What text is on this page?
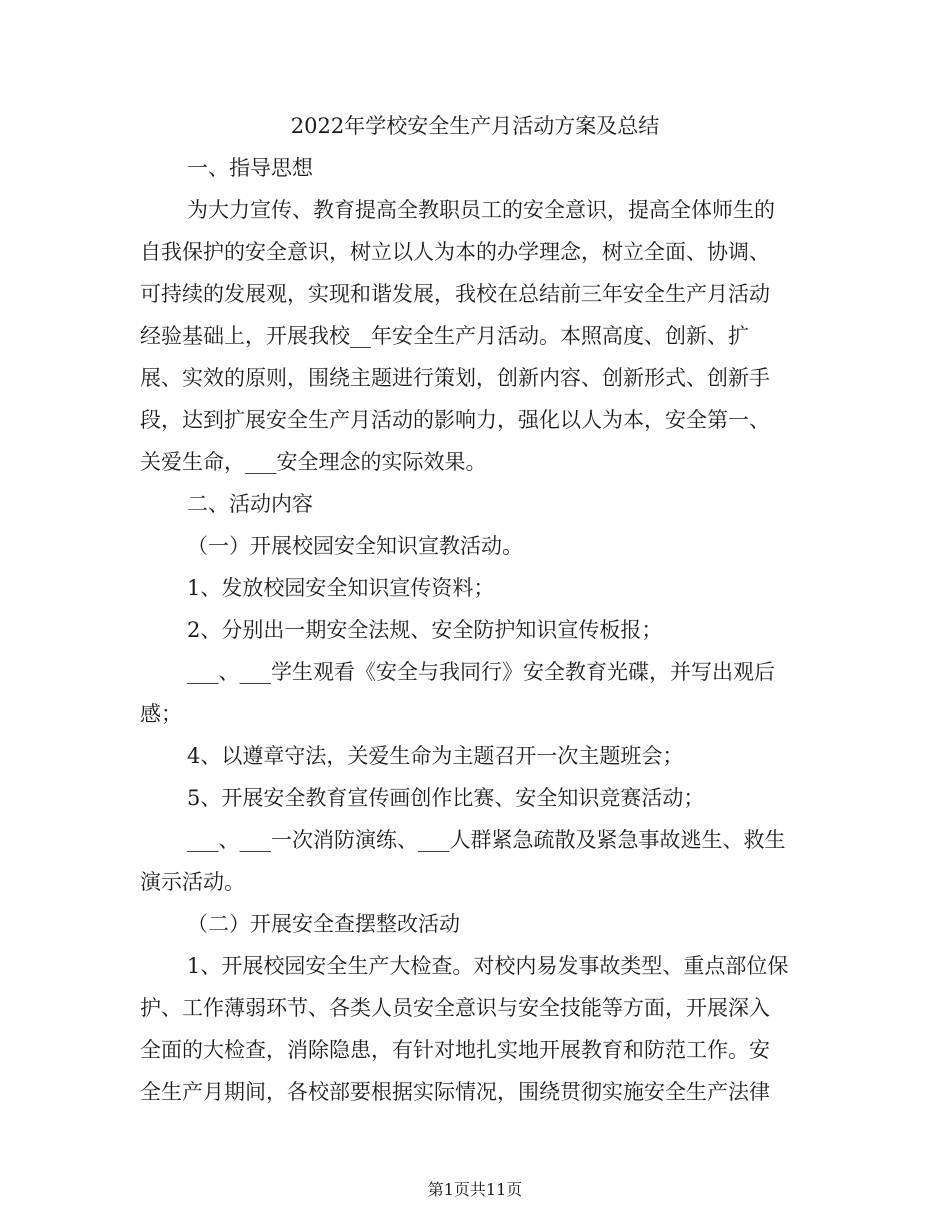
2022年学校安全生产月活动方案及总结
一、指导思想
为大力宣传、教育提高全教职员工的安全意识，提高全体师生的
自我保护的安全意识，树立以人为本的办学理念，树立全面、协调、
可持续的发展观，实现和谐发展，我校在总结前三年安全生产月活动
经验基础上，开展我校__年安全生产月活动。本照高度、创新、扩
展、实效的原则，围绕主题进行策划，创新内容、创新形式、创新手
段，达到扩展安全生产月活动的影响力，强化以人为本，安全第一、
关爱生命，___安全理念的实际效果。
二、活动内容
（一）开展校园安全知识宣教活动。
1、发放校园安全知识宣传资料；
2、分别出一期安全法规、安全防护知识宣传板报；
___、___学生观看《安全与我同行》安全教育光碟，并写出观后
感；
4、以遵章守法，关爱生命为主题召开一次主题班会；
5、开展安全教育宣传画创作比赛、安全知识竞赛活动；
___、___一次消防演练、___人群紧急疏散及紧急事故逃生、救生
演示活动。
（二）开展安全查摆整改活动
1、开展校园安全生产大检查。对校内易发事故类型、重点部位保
护、工作薄弱环节、各类人员安全意识与安全技能等方面，开展深入
全面的大检查，消除隐患，有针对地扎实地开展教育和防范工作。安
全生产月期间，各校部要根据实际情况，围绕贯彻实施安全生产法律
第1页共11页
